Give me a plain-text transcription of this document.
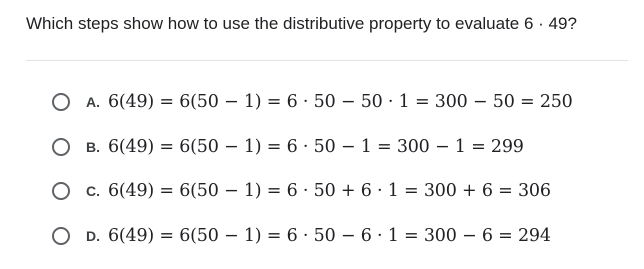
Which steps show how to use the distributive property to evaluate 6 · 49?
A. 6(49) = 6(50 − 1) = 6 · 50 − 50 · 1 = 300 − 50 = 250
B. 6(49) = 6(50 − 1) = 6 · 50 − 1 = 300 − 1 = 299
C. 6(49) = 6(50 − 1) = 6 · 50 + 6 · 1 = 300 + 6 = 306
D. 6(49) = 6(50 − 1) = 6 · 50 − 6 · 1 = 300 − 6 = 294
